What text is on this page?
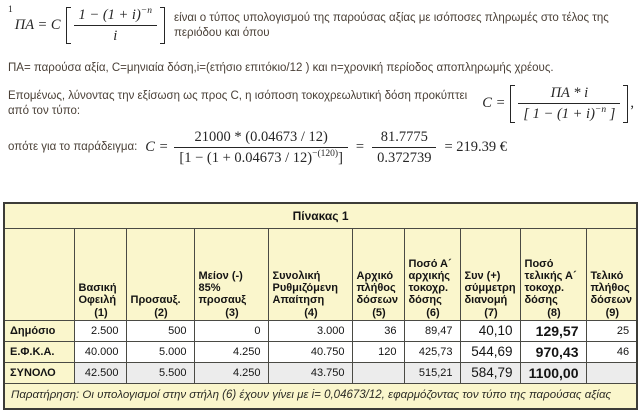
1
ΠΑ = C $\frac{1 - (1 + i)^{-n}}{i}$ είναι ο τύπος υπολογισμού της παρούσας αξίας με ισόποσες πληρωμές στο τέλος της περιόδου και όπου
ΠΑ= παρούσα αξία, C=μηνιαία δόση,i=(ετήσιο επιτόκιο/12 ) και n=χρονική περίοδος αποπληρωμής χρέους.
Επομένως, λύνοντας την εξίσωση ως προς C, η ισόποση τοκοχρεωλυτική δόση προκύπτει από τον τύπο:	$C = \frac{\Pi A * i}{[ 1 - (1 + i)^{-n} ]}$ ,
οπότε για το παράδειγμα: $C = \frac{21000 * (0.04673 / 12)}{[1 - (1 + 0.04673 / 12)^{-(120)}]} = \frac{81.7775}{0.372739} = 219.39$ €
Πίνακας 1									

Βασική Οφειλή
(1)

Προσαυξ.
(2)

Μείον (-) 85% προσαυξ
(3)

Συνολική Ρυθμιζόμενη Απαίτηση
(4)

Αρχικό πλήθος δόσεων
(5)

Ποσό Α´ αρχικής τοκοχρ. δόσης
(6)

Συν (+) σύμμετρη διανομή
(7)

Ποσό τελικής Α´ τοκοχρ. δόσης
(8)

Τελικό πλήθος δόσεων
(9)

Δημόσιο	2.500	500	0	3.000	36	89,47	40,10	129,57	25
Ε.Φ.Κ.Α.	40.000	5.000	4.250	40.750	120	425,73	544,69	970,43	46
ΣΥΝΟΛΟ	42.500	5.500	4.250	43.750		515,21	584,79	1100,00	
Παρατήρηση: Οι υπολογισμοί στην στήλη (6) έχουν γίνει με i= 0,04673/12, εφαρμόζοντας τον τύπο της παρούσας αξίας									
